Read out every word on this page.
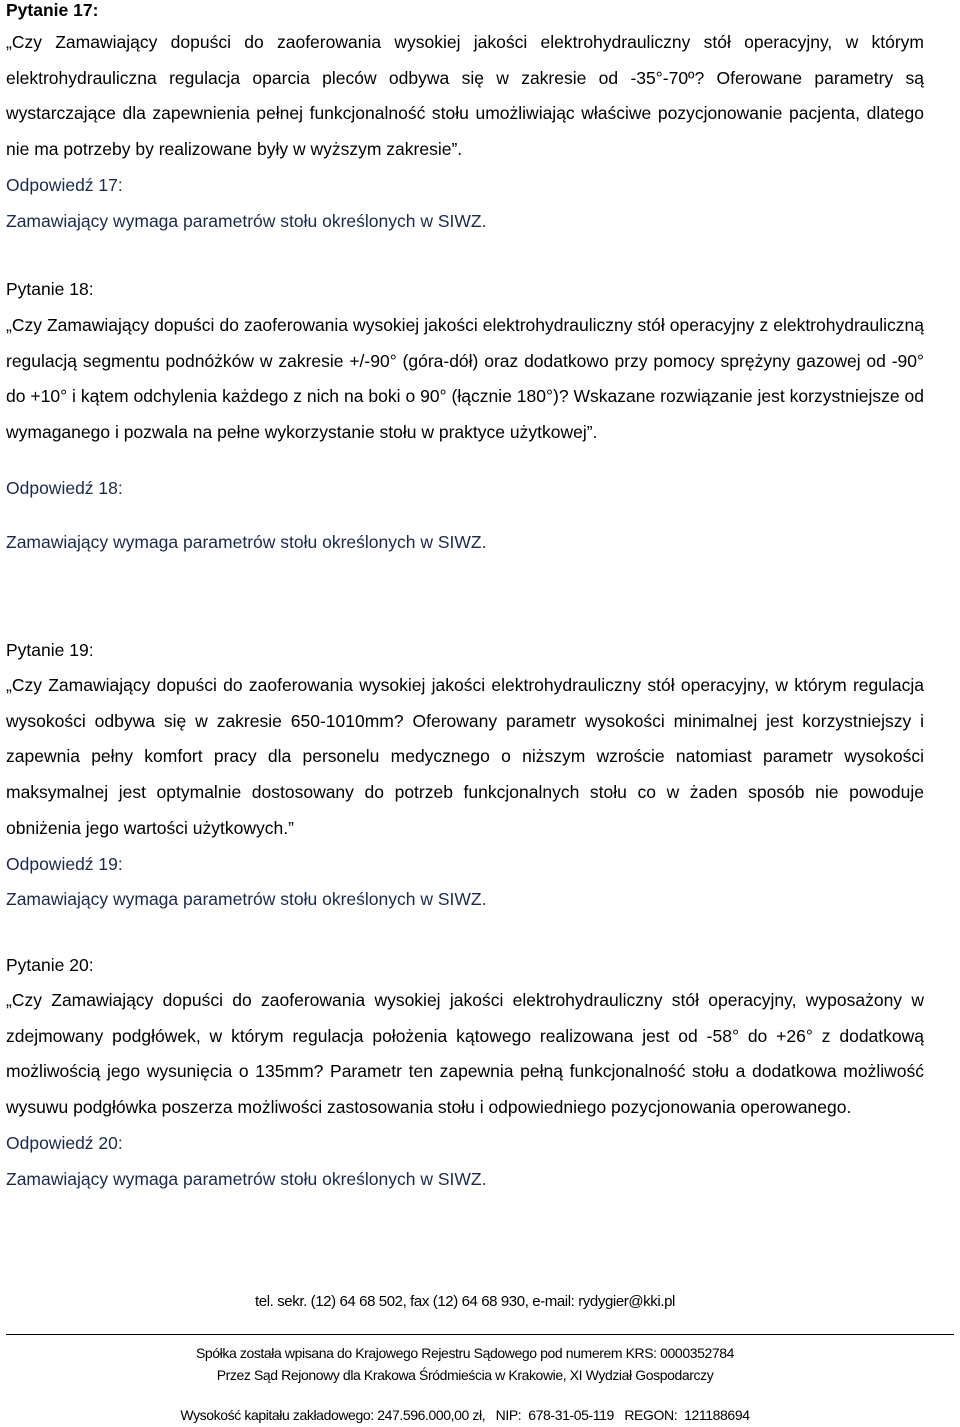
Pytanie 17:

„Czy Zamawiający dopuści do zaoferowania wysokiej jakości elektrohydrauliczny stół operacyjny, w którym elektrohydrauliczna regulacja oparcia pleców odbywa się w zakresie od -35°-70º? Oferowane parametry są wystarczające dla zapewnienia pełnej funkcjonalność stołu umożliwiając właściwe pozycjonowanie pacjenta, dlatego nie ma potrzeby by realizowane były w wyższym zakresie”.

Odpowiedź 17:

Zamawiający wymaga parametrów stołu określonych w SIWZ.

Pytanie 18:

„Czy Zamawiający dopuści do zaoferowania wysokiej jakości elektrohydrauliczny stół operacyjny z elektrohydrauliczną regulacją segmentu podnóżków w zakresie +/-90° (góra-dół) oraz dodatkowo przy pomocy sprężyny gazowej od -90° do +10° i kątem odchylenia każdego z nich na boki o 90° (łącznie 180°)? Wskazane rozwiązanie jest korzystniejsze od wymaganego i pozwala na pełne wykorzystanie stołu w praktyce użytkowej”.

Odpowiedź 18:

Zamawiający wymaga parametrów stołu określonych w SIWZ.

Pytanie 19:

„Czy Zamawiający dopuści do zaoferowania wysokiej jakości elektrohydrauliczny stół operacyjny, w którym regulacja wysokości odbywa się w zakresie 650-1010mm? Oferowany parametr wysokości minimalnej jest korzystniejszy i zapewnia pełny komfort pracy dla personelu medycznego o niższym wzroście natomiast parametr wysokości maksymalnej jest optymalnie dostosowany do potrzeb funkcjonalnych stołu co w żaden sposób nie powoduje obniżenia jego wartości użytkowych.”

Odpowiedź 19:

Zamawiający wymaga parametrów stołu określonych w SIWZ.

Pytanie 20:

„Czy Zamawiający dopuści do zaoferowania wysokiej jakości elektrohydrauliczny stół operacyjny, wyposażony w zdejmowany podgłówek, w którym regulacja położenia kątowego realizowana jest od -58° do +26° z dodatkową możliwością jego wysunięcia o 135mm? Parametr ten zapewnia pełną funkcjonalność stołu a dodatkowa możliwość wysuwu podgłówka poszerza możliwości zastosowania stołu i odpowiedniego pozycjonowania operowanego.

Odpowiedź 20:

Zamawiający wymaga parametrów stołu określonych w SIWZ.

tel. sekr. (12) 64 68 502, fax (12) 64 68 930, e-mail: rydygier@kki.pl
Spółka została wpisana do Krajowego Rejestru Sądowego pod numerem KRS: 0000352784
Przez Sąd Rejonowy dla Krakowa Śródmieścia w Krakowie, XI Wydział Gospodarczy
Wysokość kapitału zakładowego: 247.596.000,00 zł,   NIP:  678-31-05-119   REGON:  121188694
